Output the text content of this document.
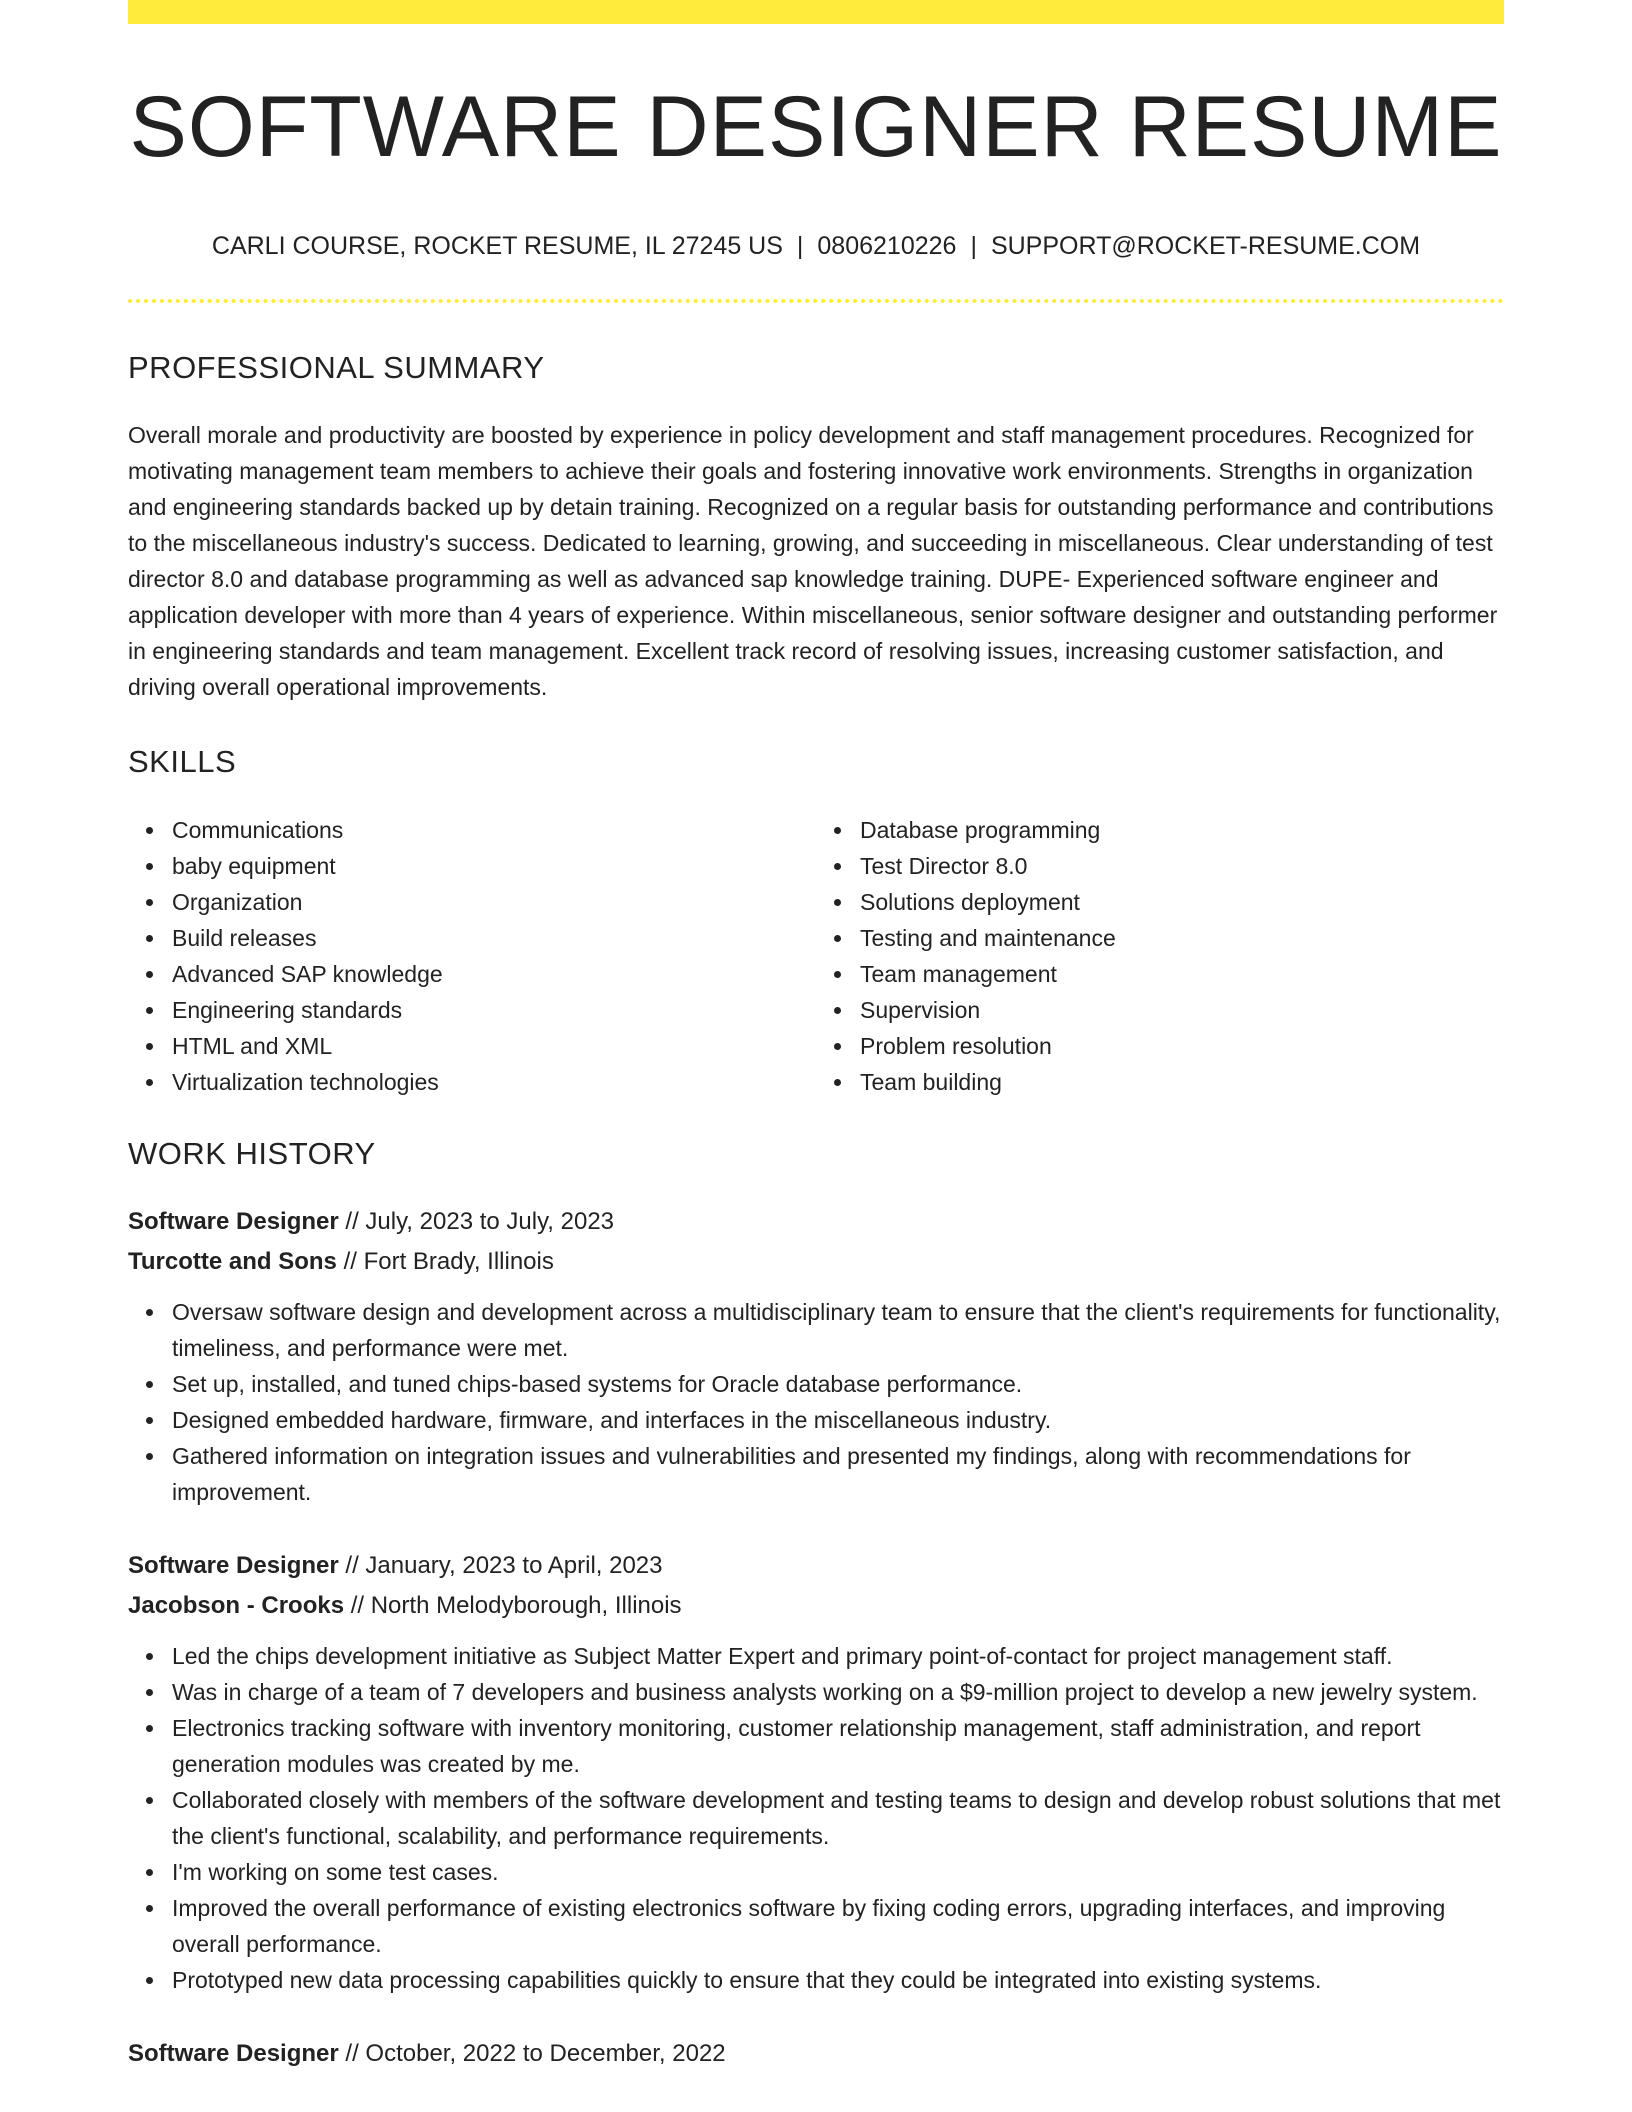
SOFTWARE DESIGNER RESUME
CARLI COURSE, ROCKET RESUME, IL 27245 US | 0806210226 | SUPPORT@ROCKET-RESUME.COM
PROFESSIONAL SUMMARY

Overall morale and productivity are boosted by experience in policy development and staff management procedures. Recognized for motivating management team members to achieve their goals and fostering innovative work environments. Strengths in organization and engineering standards backed up by detain training. Recognized on a regular basis for outstanding performance and contributions to the miscellaneous industry's success. Dedicated to learning, growing, and succeeding in miscellaneous. Clear understanding of test director 8.0 and database programming as well as advanced sap knowledge training. DUPE- Experienced software engineer and application developer with more than 4 years of experience. Within miscellaneous, senior software designer and outstanding performer in engineering standards and team management. Excellent track record of resolving issues, increasing customer satisfaction, and driving overall operational improvements.

SKILLS
Communications
baby equipment
Organization
Build releases
Advanced SAP knowledge
Engineering standards
HTML and XML
Virtualization technologies
Database programming
Test Director 8.0
Solutions deployment
Testing and maintenance
Team management
Supervision
Problem resolution
Team building
WORK HISTORY
Software Designer // July, 2023 to July, 2023
Turcotte and Sons // Fort Brady, Illinois
Oversaw software design and development across a multidisciplinary team to ensure that the client's requirements for functionality, timeliness, and performance were met.
Set up, installed, and tuned chips-based systems for Oracle database performance.
Designed embedded hardware, firmware, and interfaces in the miscellaneous industry.
Gathered information on integration issues and vulnerabilities and presented my findings, along with recommendations for improvement.
Software Designer // January, 2023 to April, 2023
Jacobson - Crooks // North Melodyborough, Illinois
Led the chips development initiative as Subject Matter Expert and primary point-of-contact for project management staff.
Was in charge of a team of 7 developers and business analysts working on a $9-million project to develop a new jewelry system.
Electronics tracking software with inventory monitoring, customer relationship management, staff administration, and report generation modules was created by me.
Collaborated closely with members of the software development and testing teams to design and develop robust solutions that met the client's functional, scalability, and performance requirements.
I'm working on some test cases.
Improved the overall performance of existing electronics software by fixing coding errors, upgrading interfaces, and improving overall performance.
Prototyped new data processing capabilities quickly to ensure that they could be integrated into existing systems.
Software Designer // October, 2022 to December, 2022
